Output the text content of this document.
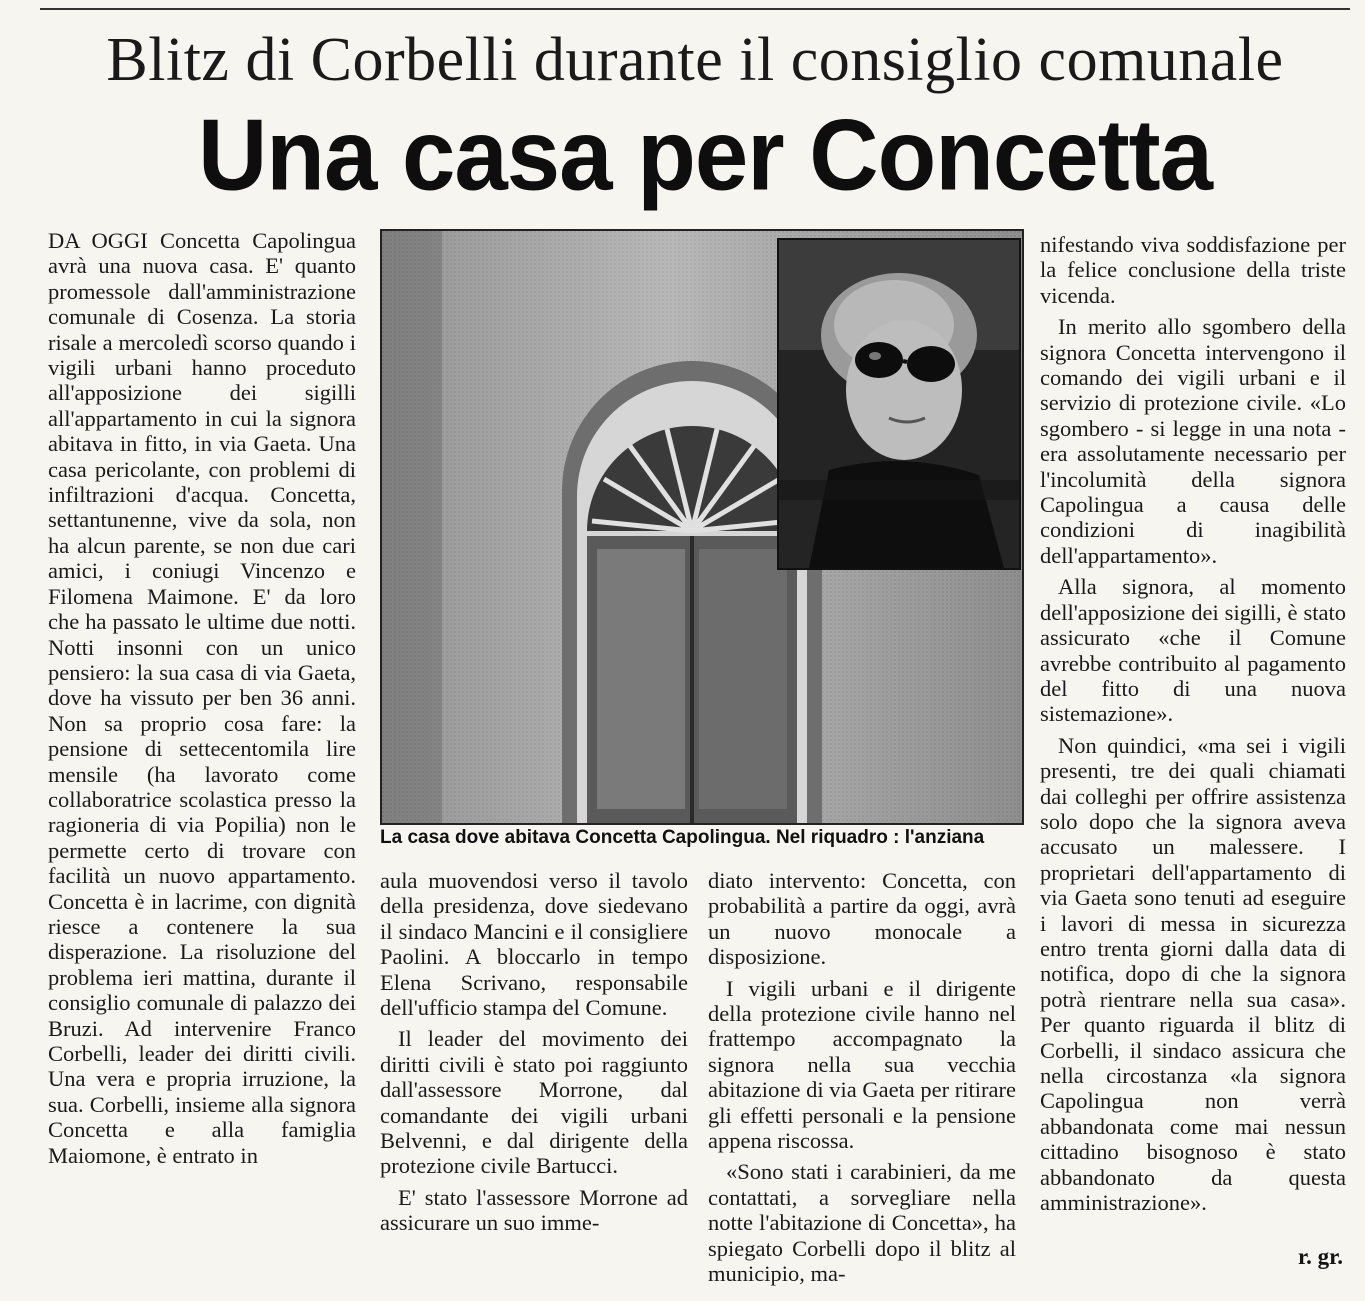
Blitz di Corbelli durante il consiglio comunale
Una casa per Concetta

DA OGGI Concetta Capolingua avrà una nuova casa. E' quanto promessole dall'amministrazione comunale di Cosenza. La storia risale a mercoledì scorso quando i vigili urbani hanno proceduto all'apposizione dei sigilli all'appartamento in cui la signora abitava in fitto, in via Gaeta. Una casa pericolante, con problemi di infiltrazioni d'acqua. Concetta, settantunenne, vive da sola, non ha alcun parente, se non due cari amici, i coniugi Vincenzo e Filomena Maimone. E' da loro che ha passato le ultime due notti. Notti insonni con un unico pensiero: la sua casa di via Gaeta, dove ha vissuto per ben 36 anni. Non sa proprio cosa fare: la pensione di settecentomila lire mensile (ha lavorato come collaboratrice scolastica presso la ragioneria di via Popilia) non le permette certo di trovare con facilità un nuovo appartamento. Concetta è in lacrime, con dignità riesce a contenere la sua disperazione. La risoluzione del problema ieri mattina, durante il consiglio comunale di palazzo dei Bruzi. Ad intervenire Franco Corbelli, leader dei diritti civili. Una vera e propria irruzione, la sua. Corbelli, insieme alla signora Concetta e alla famiglia Maiomone, è entrato in

La casa dove abitava Concetta Capolingua. Nel riquadro : l'anziana

aula muovendosi verso il tavolo della presidenza, dove siedevano il sindaco Mancini e il consigliere Paolini. A bloccarlo in tempo Elena Scrivano, responsabile dell'ufficio stampa del Comune.

Il leader del movimento dei diritti civili è stato poi raggiunto dall'assessore Morrone, dal comandante dei vigili urbani Belvenni, e dal dirigente della protezione civile Bartucci.

E' stato l'assessore Morrone ad assicurare un suo imme-

diato intervento: Concetta, con probabilità a partire da oggi, avrà un nuovo monocale a disposizione.

I vigili urbani e il dirigente della protezione civile hanno nel frattempo accompagnato la signora nella sua vecchia abitazione di via Gaeta per ritirare gli effetti personali e la pensione appena riscossa.

«Sono stati i carabinieri, da me contattati, a sorvegliare nella notte l'abitazione di Concetta», ha spiegato Corbelli dopo il blitz al municipio, ma-

nifestando viva soddisfazione per la felice conclusione della triste vicenda.

In merito allo sgombero della signora Concetta intervengono il comando dei vigili urbani e il servizio di protezione civile. «Lo sgombero - si legge in una nota - era assolutamente necessario per l'incolumità della signora Capolingua a causa delle condizioni di inagibilità dell'appartamento».

Alla signora, al momento dell'apposizione dei sigilli, è stato assicurato «che il Comune avrebbe contribuito al pagamento del fitto di una nuova sistemazione».

Non quindici, «ma sei i vigili presenti, tre dei quali chiamati dai colleghi per offrire assistenza solo dopo che la signora aveva accusato un malessere. I proprietari dell'appartamento di via Gaeta sono tenuti ad eseguire i lavori di messa in sicurezza entro trenta giorni dalla data di notifica, dopo di che la signora potrà rientrare nella sua casa». Per quanto riguarda il blitz di Corbelli, il sindaco assicura che nella circostanza «la signora Capolingua non verrà abbandonata come mai nessun cittadino bisognoso è stato abbandonato da questa amministrazione».

r. gr.
